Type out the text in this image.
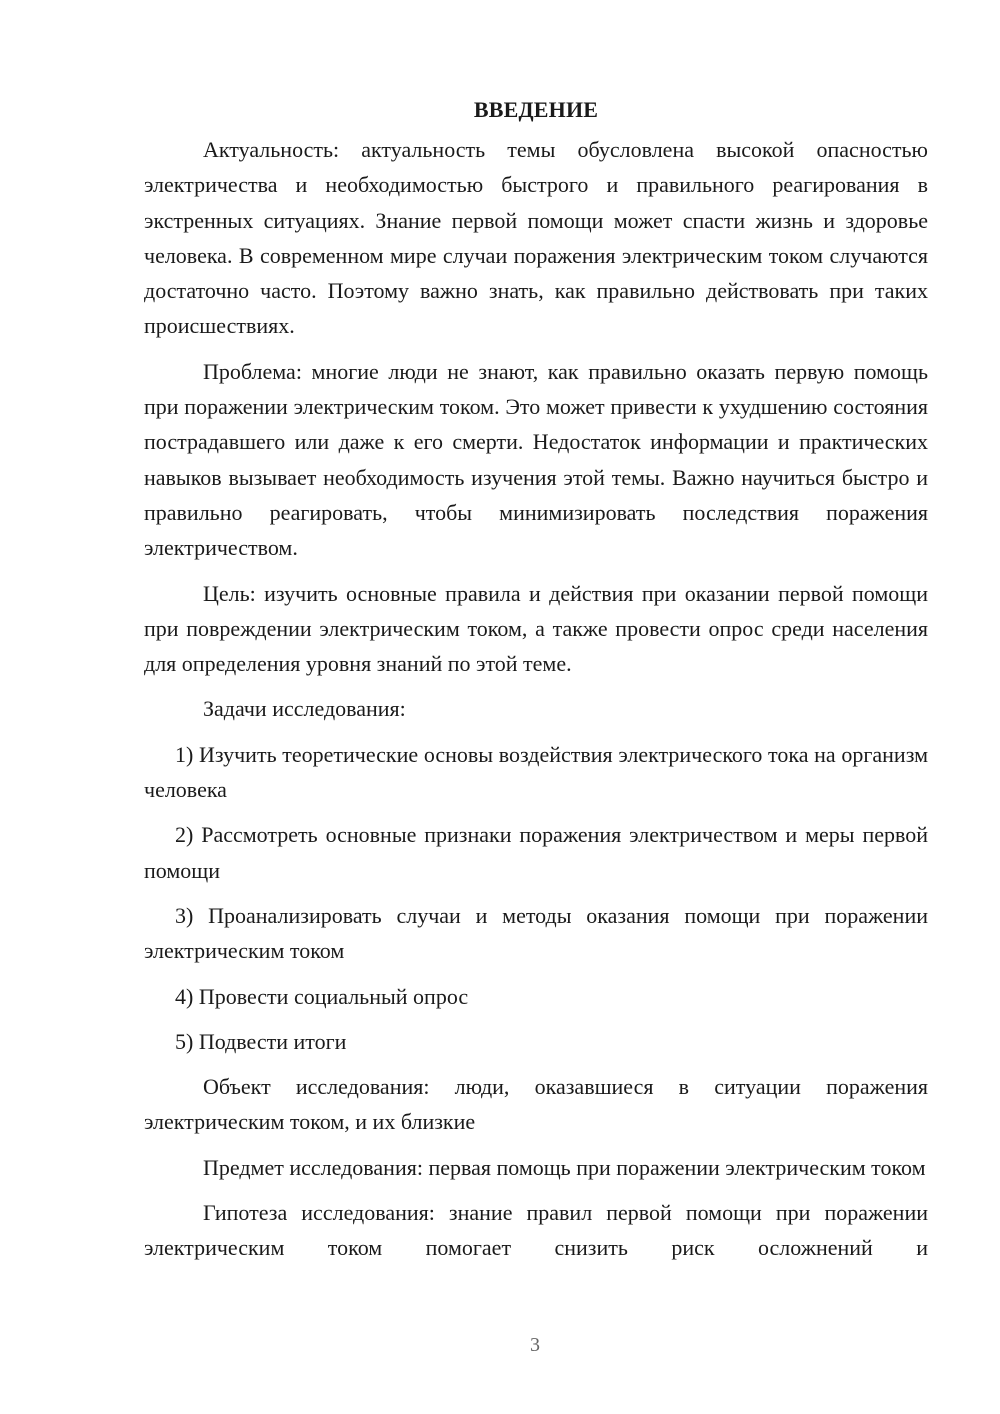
ВВЕДЕНИЕ

Актуальность: актуальность темы обусловлена высокой опасностью электричества и необходимостью быстрого и правильного реагирования в экстренных ситуациях. Знание первой помощи может спасти жизнь и здоровье человека. В современном мире случаи поражения электрическим током случаются достаточно часто. Поэтому важно знать, как правильно действовать при таких происшествиях.

Проблема: многие люди не знают, как правильно оказать первую помощь при поражении электрическим током. Это может привести к ухудшению состояния пострадавшего или даже к его смерти. Недостаток информации и практических навыков вызывает необходимость изучения этой темы. Важно научиться быстро и правильно реагировать, чтобы минимизировать последствия поражения электричеством.

Цель: изучить основные правила и действия при оказании первой помощи при повреждении электрическим током, а также провести опрос среди населения для определения уровня знаний по этой теме.

Задачи исследования:

1) Изучить теоретические основы воздействия электрического тока на организм человека

2) Рассмотреть основные признаки поражения электричеством и меры первой помощи

3) Проанализировать случаи и методы оказания помощи при поражении электрическим током

4) Провести социальный опрос

5) Подвести итоги

Объект исследования: люди, оказавшиеся в ситуации поражения электрическим током, и их близкие

Предмет исследования: первая помощь при поражении электрическим током

Гипотеза исследования: знание правил первой помощи при поражении электрическим током помогает снизить риск осложнений и

3
